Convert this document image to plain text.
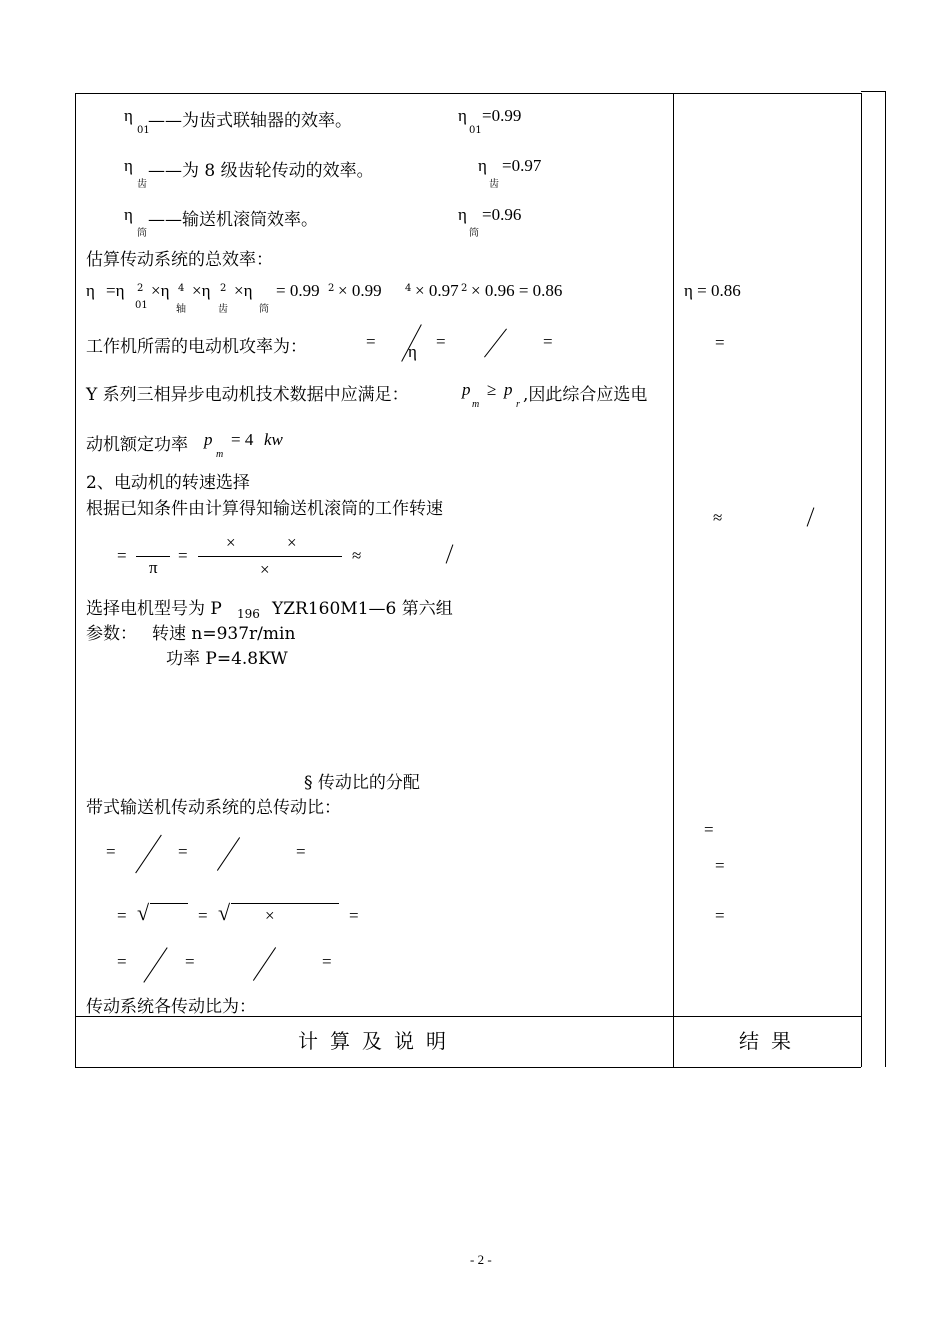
η
01
——为齿式联轴器的效率。	η
01
=0.99
η
齿
——为 8 级齿轮传动的效率。	η
齿
=0.97
η
筒
——输送机滚筒效率。	η
筒
=0.96
估算传动系统的总效率：
η =η 2
01
×η 4
轴
×η 2
齿
×η
筒
= 0.99 2 × 0.99 4 × 0.97 2 × 0.96 = 0.86
工作机所需的电动机攻率为：	=
η
=	=
Y 系列三相异步电动机技术数据中应满足：	p
m
≥ p
r ,因此综合应选电
动机额定功率 p
m
= 4 kw
2、电动机的转速选择
根据已知条件由计算得知输送机滚筒的工作转速
=
π
=
×	×
×
≈
选择电机型号为 P 196 YZR160M1—6 第六组
参数： 转速 n=937r/min
功率 P=4.8KW
§ 传动比的分配
带式输送机传动系统的总传动比：
=	=	=
= √	= √ ×	=
=	=	=
传动系统各传动比为：
η = 0.86
=
≈
=
=
=
计算及说明	结果
- 2 -
